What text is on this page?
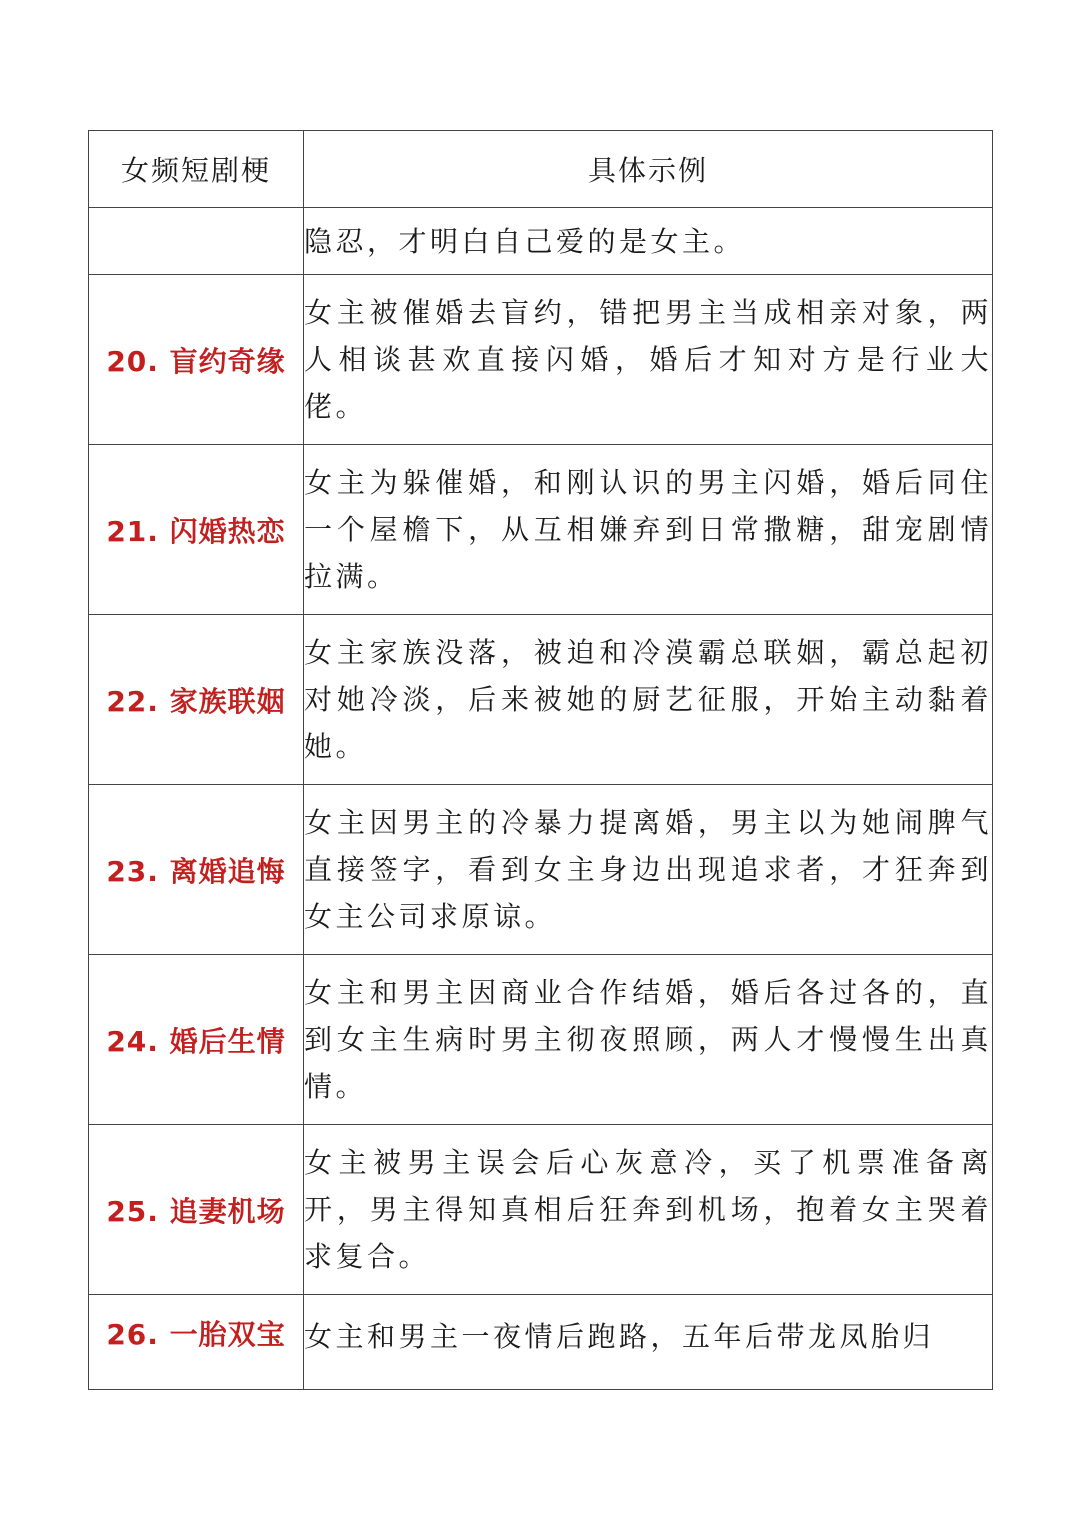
女频短剧梗	具体示例

	隐忍，才明白自己爱的是女主。

20. 盲约奇缘	女主被催婚去盲约，错把男主当成相亲对象，两人相谈甚欢直接闪婚，婚后才知对方是行业大佬。

21. 闪婚热恋	女主为躲催婚，和刚认识的男主闪婚，婚后同住一个屋檐下，从互相嫌弃到日常撒糖，甜宠剧情拉满。

22. 家族联姻	女主家族没落，被迫和冷漠霸总联姻，霸总起初对她冷淡，后来被她的厨艺征服，开始主动黏着她。

23. 离婚追悔	女主因男主的冷暴力提离婚，男主以为她闹脾气直接签字，看到女主身边出现追求者，才狂奔到女主公司求原谅。

24. 婚后生情	女主和男主因商业合作结婚，婚后各过各的，直到女主生病时男主彻夜照顾，两人才慢慢生出真情。

25. 追妻机场	女主被男主误会后心灰意冷，买了机票准备离开，男主得知真相后狂奔到机场，抱着女主哭着求复合。

26. 一胎双宝	女主和男主一夜情后跑路，五年后带龙凤胎归
